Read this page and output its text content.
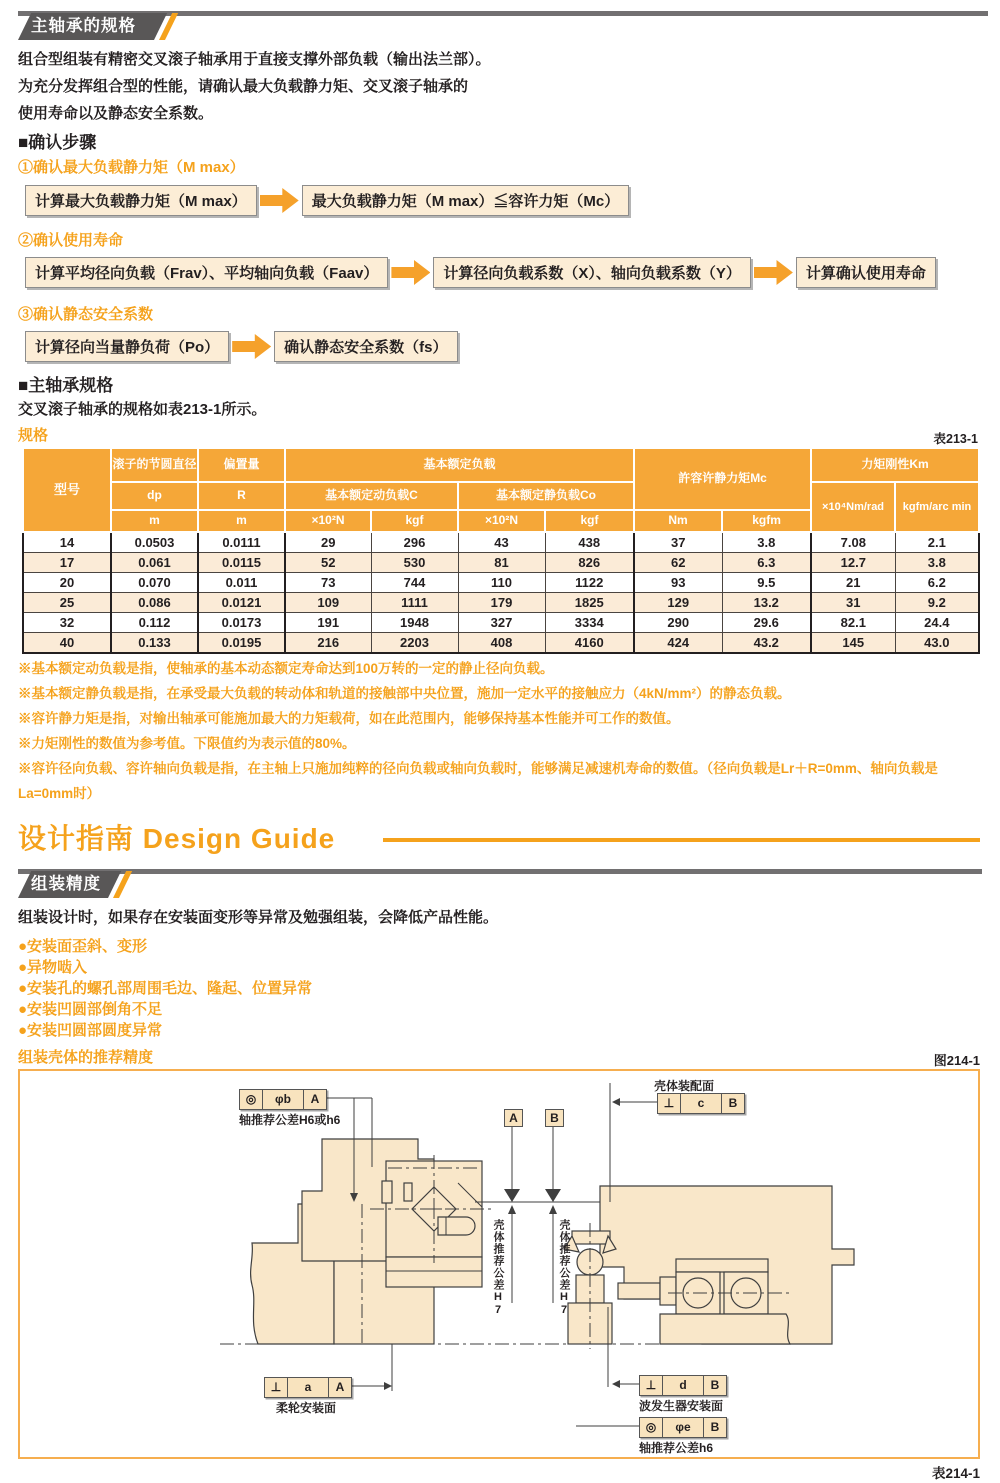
主轴承的规格
组合型组装有精密交叉滚子轴承用于直接支撑外部负载（输出法兰部）。
为充分发挥组合型的性能，请确认最大负载静力矩、交叉滚子轴承的
使用寿命以及静态安全系数。
■确认步骤
①确认最大负载静力矩（M max）
计算最大负载静力矩（M max）	最大负载静力矩（M max）≦容许力矩（Mc）
②确认使用寿命
计算平均径向负载（Frav）、平均轴向负载（Faav）	计算径向负载系数（X）、轴向负载系数（Y）	计算确认使用寿命
③确认静态安全系数
计算径向当量静负荷（Po）	确认静态安全系数（fs）
■主轴承规格
交叉滚子轴承的规格如表213-1所示。
规格	表213-1
型号	滚子的节圆直径	偏置量	基本额定负载				許容许静力矩Mc		力矩刚性Km	
	dp	R	基本额定动负载C		基本额定静负载Co				×10⁴Nm/rad	kgfm/arc min
	m	m	×10²N	kgf	×10²N	kgf	Nm	kgfm		
14	0.0503	0.0111	29	296	43	438	37	3.8	7.08	2.1
17	0.061	0.0115	52	530	81	826	62	6.3	12.7	3.8
20	0.070	0.011	73	744	110	1122	93	9.5	21	6.2
25	0.086	0.0121	109	1111	179	1825	129	13.2	31	9.2
32	0.112	0.0173	191	1948	327	3334	290	29.6	82.1	24.4
40	0.133	0.0195	216	2203	408	4160	424	43.2	145	43.0
※基本额定动负载是指，使轴承的基本动态额定寿命达到100万转的一定的静止径向负载。
※基本额定静负载是指，在承受最大负载的转动体和轨道的接触部中央位置，施加一定水平的接触应力（4kN/mm²）的静态负载。
※容许静力矩是指，对输出轴承可能施加最大的力矩载荷，如在此范围内，能够保持基本性能并可工作的数值。
※力矩刚性的数值为参考值。下限值约为表示值的80%。
※容许径向负载、容许轴向负载是指，在主轴上只施加纯粹的径向负载或轴向负载时，能够满足减速机寿命的数值。（径向负载是Lr＋R=0mm、轴向负载是La=0mm时）
设计指南 Design Guide
组装精度
组装设计时，如果存在安装面变形等异常及勉强组装，会降低产品性能。
●安装面歪斜、变形
●异物啮入
●安装孔的螺孔部周围毛边、隆起、位置异常
●安装凹圆部倒角不足
●安装凹圆部圆度异常
组装壳体的推荐精度	图214-1
◎	φb	A
轴推荐公差H6或h6
壳体装配面
⊥	c	B
A	B
壳体推荐公差H7	壳体推荐公差H7
⊥	a	A
柔轮安装面
⊥	d	B
波发生器安装面
◎	φe	B
轴推荐公差h6
表214-1
